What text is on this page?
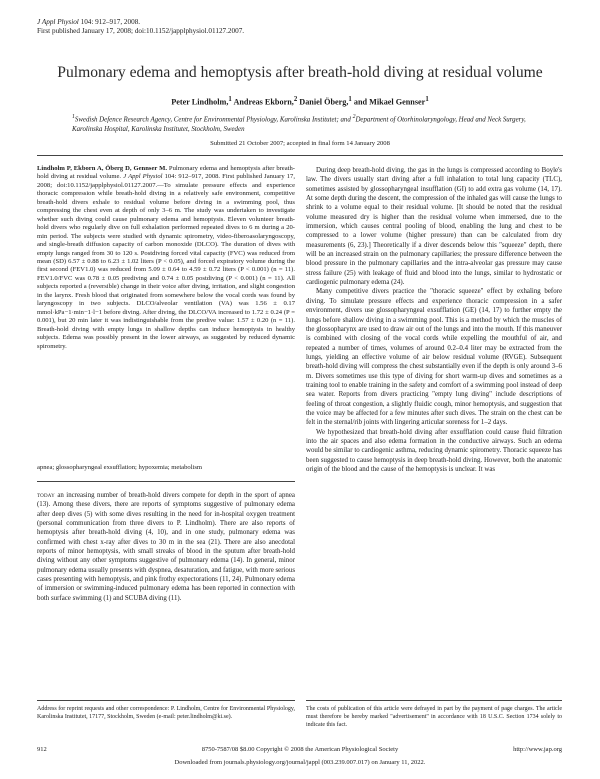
J Appl Physiol 104: 912–917, 2008.
First published January 17, 2008; doi:10.1152/japplphysiol.01127.2007.
Pulmonary edema and hemoptysis after breath-hold diving at residual volume
Peter Lindholm,$^1$ Andreas Ekborn,$^2$ Daniel Öberg,$^1$ and Mikael Gennser$^1$
$^1$Swedish Defence Research Agency, Centre for Environmental Physiology, Karolinska Institutet; and $^2$Department of Otorhinolaryngology, Head and Neck Surgery, Karolinska Hospital, Karolinska Institutet, Stockholm, Sweden
Submitted 21 October 2007; accepted in final form 14 January 2008
Lindholm P, Ekborn A, Öberg D, Gennser M. Pulmonary edema and hemoptysis after breath-hold diving at residual volume. J Appl Physiol 104: 912–917, 2008. First published January 17, 2008; doi:10.1152/japplphysiol.01127.2007.—To simulate pressure effects and experience thoracic compression while breath-hold diving in a relatively safe environment, competitive breath-hold divers exhale to residual volume before diving in a swimming pool, thus compressing the chest even at depth of only 3–6 m. The study was undertaken to investigate whether such diving could cause pulmonary edema and hemoptysis. Eleven volunteer breath-hold divers who regularly dive on full exhalation performed repeated dives to 6 m during a 20-min period. The subjects were studied with dynamic spirometry, video-fiberoasolaryngoscopy, and single-breath diffusion capacity of carbon monoxide (DLCO). The duration of dives with empty lungs ranged from 30 to 120 s. Postdiving forced vital capacity (FVC) was reduced from mean (SD) 6.57 ± 0.88 to 6.23 ± 1.02 liters (P < 0.05), and forced expiratory volume during the first second (FEV1.0) was reduced from 5.09 ± 0.64 to 4.59 ± 0.72 liters (P < 0.001) (n = 11). FEV1.0/FVC was 0.78 ± 0.05 prediving and 0.74 ± 0.05 postdiving (P < 0.001) (n = 11). All subjects reported a (reversible) change in their voice after diving, irritation, and slight congestion in the larynx. Fresh blood that originated from somewhere below the vocal cords was found by laryngoscopy in two subjects. DLCO/alveolar ventilation (VA) was 1.56 ± 0.17 mmol·kPa−1·min−1·l−1 before diving. After diving, the DLCO/VA increased to 1.72 ± 0.24 (P = 0.001), but 20 min later it was indistinguishable from the predive value: 1.57 ± 0.20 (n = 11). Breath-hold diving with empty lungs in shallow depths can induce hemoptysis in healthy subjects. Edema was possibly present in the lower airways, as suggested by reduced dynamic spirometry.
apnea; glossopharyngeal exsufflation; hypoxemia; metabolism

today an increasing number of breath-hold divers compete for depth in the sport of apnea (13). Among these divers, there are reports of symptoms suggestive of pulmonary edema after deep dives (5) with some dives resulting in the need for in-hospital oxygen treatment (personal communication from three divers to P. Lindholm). There are also reports of hemoptysis after breath-hold diving (4, 10), and in one study, pulmonary edema was confirmed with chest x-ray after dives to 30 m in the sea (21). There are also anecdotal reports of minor hemoptysis, with small streaks of blood in the sputum after breath-hold diving without any other symptoms suggestive of pulmonary edema (14). In general, minor pulmonary edema usually presents with dyspnea, desaturation, and fatigue, with more serious cases presenting with hemoptysis, and pink frothy expectorations (11, 24). Pulmonary edema of immersion or swimming-induced pulmonary edema has been reported in connection with both surface swimming (1) and SCUBA diving (11).

During deep breath-hold diving, the gas in the lungs is compressed according to Boyle's law. The divers usually start diving after a full inhalation to total lung capacity (TLC), sometimes assisted by glossopharyngeal insufflation (GI) to add extra gas volume (14, 17). At some depth during the descent, the compression of the inhaled gas will cause the lungs to shrink to a volume equal to their residual volume. [It should be noted that the residual volume measured dry is higher than the residual volume when immersed, due to the immersion, which causes central pooling of blood, enabling the lung and chest to be compressed to a lower volume (higher pressure) than can be calculated from dry measurements (6, 23).] Theoretically if a diver descends below this "squeeze" depth, there will be an increased strain on the pulmonary capillaries; the pressure difference between the blood pressure in the pulmonary capillaries and the intra-alveolar gas pressure may cause stress failure (25) with leakage of fluid and blood into the lungs, similar to hydrostatic or cardiogenic pulmonary edema (24).

Many competitive divers practice the "thoracic squeeze" effect by exhaling before diving. To simulate pressure effects and experience thoracic compression in a safer environment, divers use glossopharyngeal exsufflation (GE) (14, 17) to further empty the lungs before shallow diving in a swimming pool. This is a method by which the muscles of the glossopharynx are used to draw air out of the lungs and into the mouth. If this maneuver is combined with closing of the vocal cords while expelling the mouthful of air, and repeated a number of times, volumes of around 0.2–0.4 liter may be extracted from the lungs, yielding an effective volume of air below residual volume (RVGE). Subsequent breath-hold diving will compress the chest substantially even if the depth is only around 3–6 m. Divers sometimes use this type of diving for short warm-up dives and sometimes as a training tool to enable training in the safety and comfort of a swimming pool instead of deep sea water. Reports from divers practicing "empty lung diving" include descriptions of feeling of throat congestion, a slightly fluidic cough, minor hemoptysis, and suggestion that the voice may be affected for a few minutes after such dives. The strain on the chest can be felt in the sternal/rib joints with lingering articular soreness for 1–2 days.

We hypothesized that breath-hold diving after exsufflation could cause fluid filtration into the air spaces and also edema formation in the conductive airways. Such an edema would be similar to cardiogenic asthma, reducing dynamic spirometry. Thoracic squeeze has been suggested to cause hemoptysis in deep breath-hold diving. However, both the anatomic origin of the blood and the cause of the hemoptysis is unclear. It was

Address for reprint requests and other correspondence: P. Lindholm, Centre for Environmental Physiology, Karolinska Institutet, 17177, Stockholm, Sweden (e-mail: peter.lindholm@ki.se).
The costs of publication of this article were defrayed in part by the payment of page charges. The article must therefore be hereby marked "advertisement" in accordance with 18 U.S.C. Section 1734 solely to indicate this fact.
912	8750-7587/08 $8.00 Copyright © 2008 the American Physiological Society	http://www.jap.org
Downloaded from journals.physiology.org/journal/jappl (003.239.007.017) on January 11, 2022.
